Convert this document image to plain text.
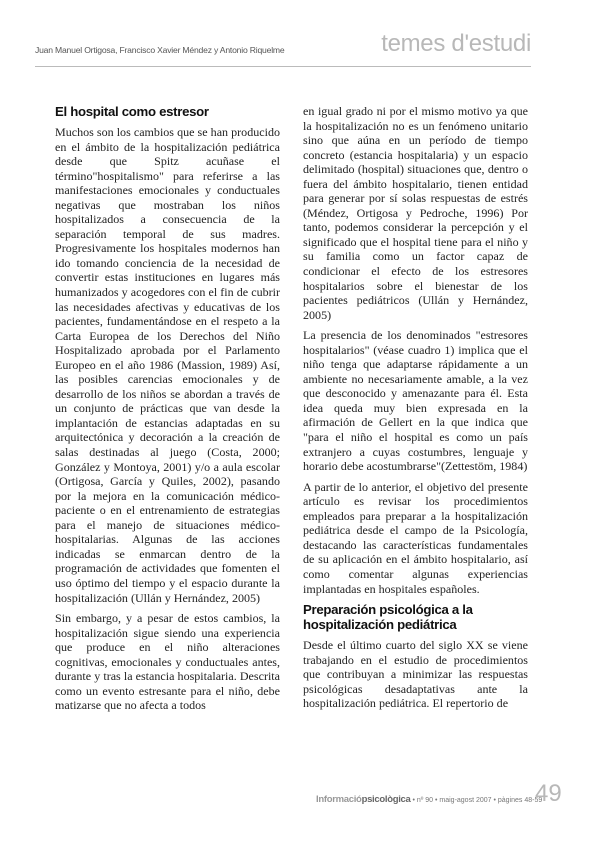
Juan Manuel Ortigosa, Francisco Xavier Méndez y Antonio Riquelme	temes d'estudi
El hospital como estresor

Muchos son los cambios que se han producido en el ámbito de la hospitalización pediátrica desde que Spitz acuñase el término"hospitalismo" para referirse a las manifestaciones emocionales y conductuales negativas que mostraban los niños hospitalizados a consecuencia de la separación temporal de sus madres. Progresivamente los hospitales modernos han ido tomando conciencia de la necesidad de convertir estas instituciones en lugares más humanizados y acogedores con el fin de cubrir las necesidades afectivas y educativas de los pacientes, fundamentándose en el respeto a la Carta Europea de los Derechos del Niño Hospitalizado aprobada por el Parlamento Europeo en el año 1986 (Massion, 1989) Así, las posibles carencias emocionales y de desarrollo de los niños se abordan a través de un conjunto de prácticas que van desde la implantación de estancias adaptadas en su arquitectónica y decoración a la creación de salas destinadas al juego (Costa, 2000; González y Montoya, 2001) y/o a aula escolar (Ortigosa, García y Quiles, 2002), pasando por la mejora en la comunicación médico-paciente o en el entrenamiento de estrategias para el manejo de situaciones médico-hospitalarias. Algunas de las acciones indicadas se enmarcan dentro de la programación de actividades que fomenten el uso óptimo del tiempo y el espacio durante la hospitalización (Ullán y Hernández, 2005)

Sin embargo, y a pesar de estos cambios, la hospitalización sigue siendo una experiencia que produce en el niño alteraciones cognitivas, emocionales y conductuales antes, durante y tras la estancia hospitalaria. Descrita como un evento estresante para el niño, debe matizarse que no afecta a todos

en igual grado ni por el mismo motivo ya que la hospitalización no es un fenómeno unitario sino que aúna en un período de tiempo concreto (estancia hospitalaria) y un espacio delimitado (hospital) situaciones que, dentro o fuera del ámbito hospitalario, tienen entidad para generar por sí solas respuestas de estrés (Méndez, Ortigosa y Pedroche, 1996) Por tanto, podemos considerar la percepción y el significado que el hospital tiene para el niño y su familia como un factor capaz de condicionar el efecto de los estresores hospitalarios sobre el bienestar de los pacientes pediátricos (Ullán y Hernández, 2005)

La presencia de los denominados "estresores hospitalarios" (véase cuadro 1) implica que el niño tenga que adaptarse rápidamente a un ambiente no necesariamente amable, a la vez que desconocido y amenazante para él. Esta idea queda muy bien expresada en la afirmación de Gellert en la que indica que "para el niño el hospital es como un país extranjero a cuyas costumbres, lenguaje y horario debe acostumbrarse"(Zettestöm, 1984)

A partir de lo anterior, el objetivo del presente artículo es revisar los procedimientos empleados para preparar a la hospitalización pediátrica desde el campo de la Psicología, destacando las características fundamentales de su aplicación en el ámbito hospitalario, así como comentar algunas experiencias implantadas en hospitales españoles.

Preparación psicológica a la hospitalización pediátrica

Desde el último cuarto del siglo XX se viene trabajando en el estudio de procedimientos que contribuyan a minimizar las respuestas psicológicas desadaptativas ante la hospitalización pediátrica. El repertorio de

Informaciópsicològica • nº 90 • maig-agost 2007 • pàgines 48-59
49
